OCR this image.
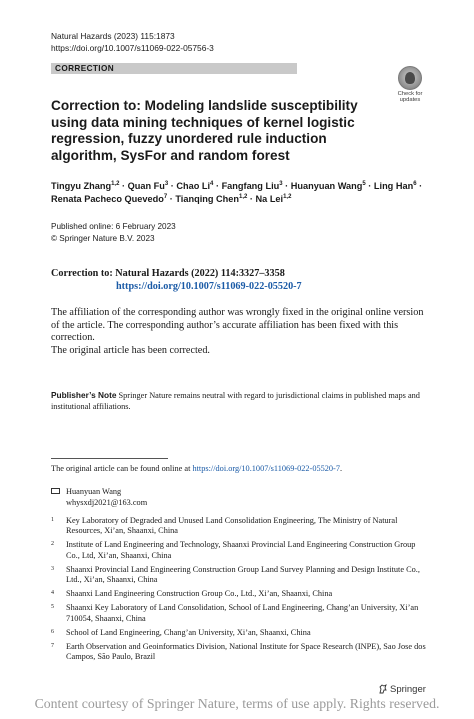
Natural Hazards (2023) 115:1873
https://doi.org/10.1007/s11069-022-05756-3
CORRECTION
Check for
updates
Correction to: Modeling landslide susceptibility using data mining techniques of kernel logistic regression, fuzzy unordered rule induction algorithm, SysFor and random forest
Tingyu Zhang$^{1,2}$ · Quan $Fu^3$ · Chao $Li^4$ · Fangfang Liu$^3$ · Huanyuan Wang$^5$ · Ling Han$^6$ · Renata Pacheco Quevedo$^7$ · Tianqing Chen$^{1,2}$ · Na Lei$^{1,2}$
Published online: 6 February 2023
© Springer Nature B.V. 2023
Correction to: Natural Hazards (2022) 114:3327–3358
https://doi.org/10.1007/s11069-022-05520-7

The affiliation of the corresponding author was wrongly fixed in the original online version of the article. The corresponding author’s accurate affiliation has been fixed with this correction.

The original article has been corrected.

Publisher’s Note Springer Nature remains neutral with regard to jurisdictional claims in published maps and institutional affiliations.
The original article can be found online at https://doi.org/10.1007/s11069-022-05520-7.
Huanyuan Wang
whysxdj2021@163.com
1	Key Laboratory of Degraded and Unused Land Consolidation Engineering, The Ministry of Natural Resources, Xi’an, Shaanxi, China
2	Institute of Land Engineering and Technology, Shaanxi Provincial Land Engineering Construction Group Co., Ltd, Xi’an, Shaanxi, China
3	Shaanxi Provincial Land Engineering Construction Group Land Survey Planning and Design Institute Co., Ltd., Xi’an, Shaanxi, China
4	Shaanxi Land Engineering Construction Group Co., Ltd., Xi’an, Shaanxi, China
5	Shaanxi Key Laboratory of Land Consolidation, School of Land Engineering, Chang’an University, Xi’an 710054, Shaanxi, China
6	School of Land Engineering, Chang’an University, Xi’an, Shaanxi, China
7	Earth Observation and Geoinformatics Division, National Institute for Space Research (INPE), Sao Jose dos Campos, São Paulo, Brazil
Springer
Content courtesy of Springer Nature, terms of use apply. Rights reserved.
